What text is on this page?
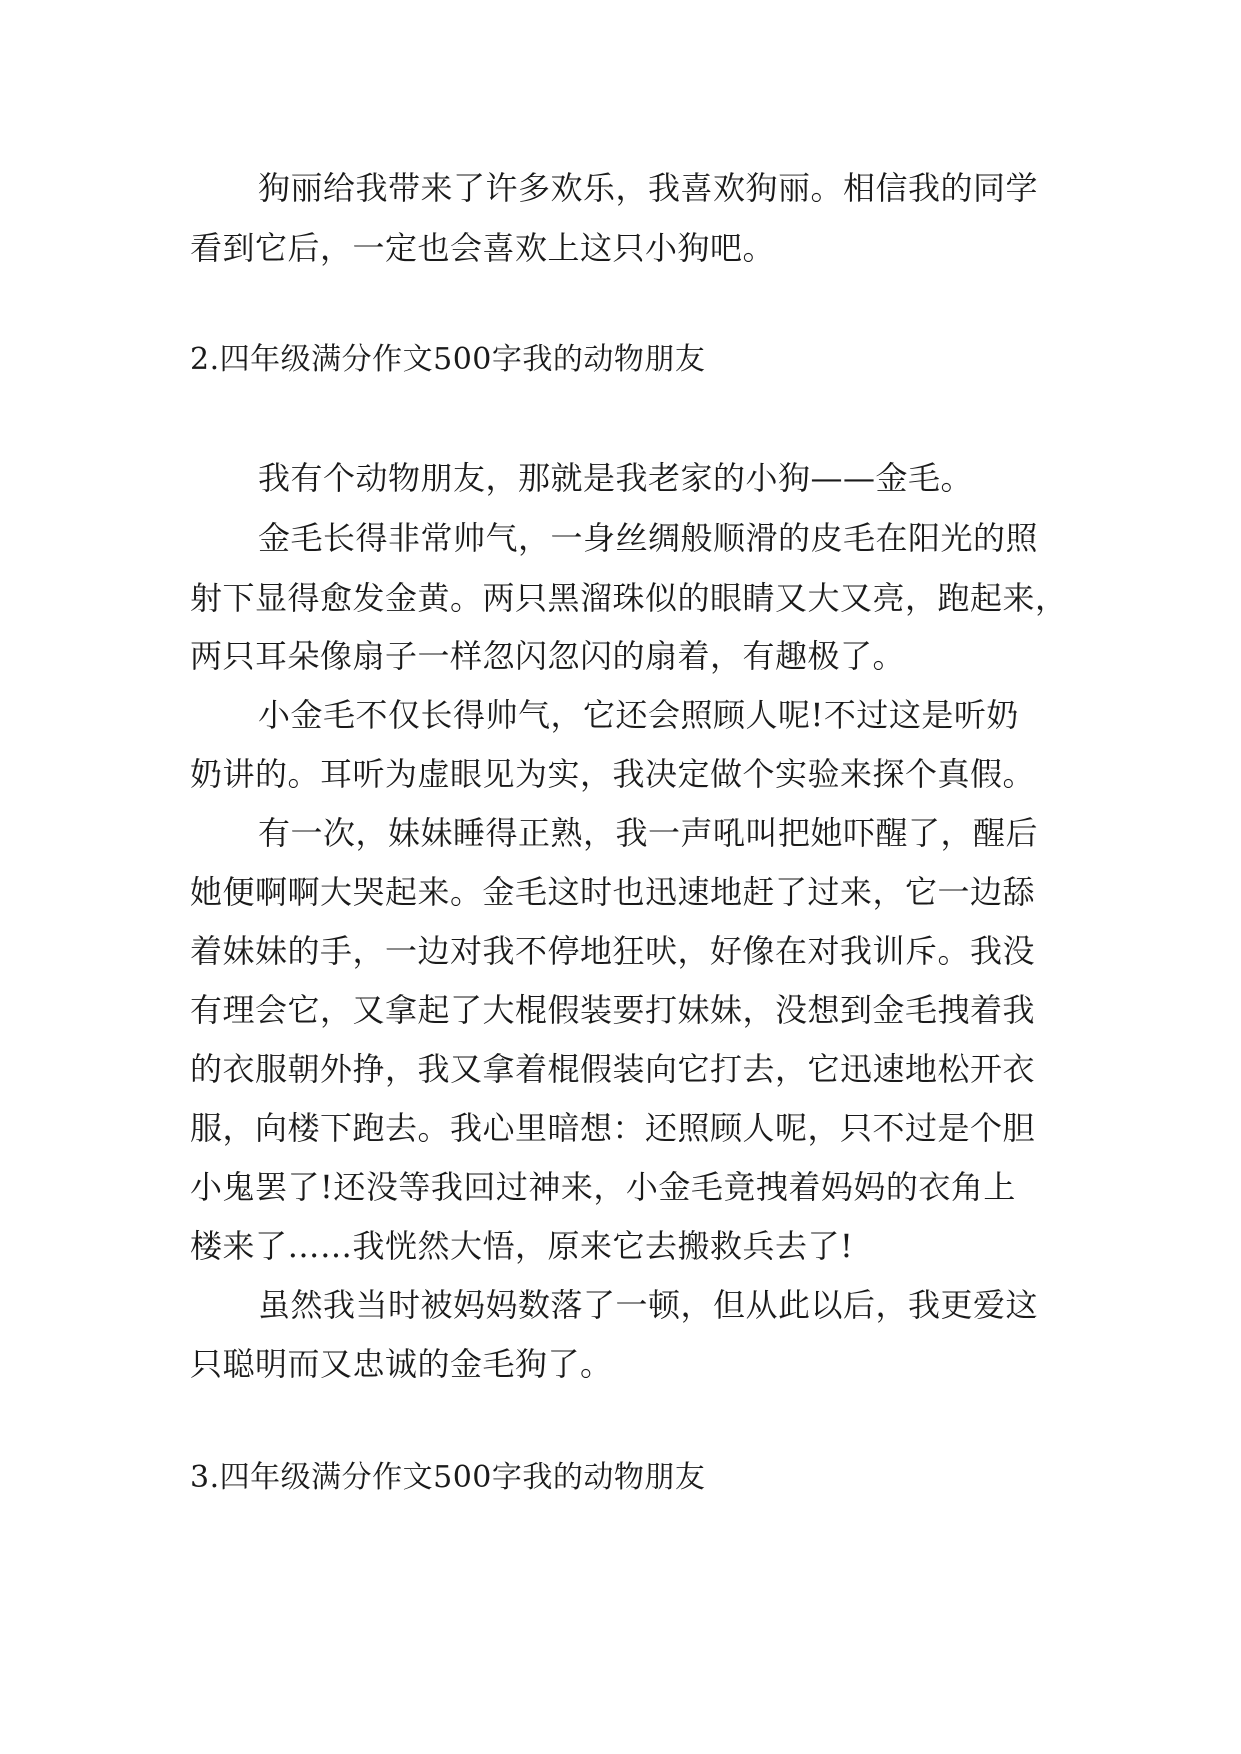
狗丽给我带来了许多欢乐，我喜欢狗丽。相信我的同学
看到它后，一定也会喜欢上这只小狗吧。
2.四年级满分作文500字我的动物朋友
我有个动物朋友，那就是我老家的小狗——金毛。
金毛长得非常帅气，一身丝绸般顺滑的皮毛在阳光的照
射下显得愈发金黄。两只黑溜珠似的眼睛又大又亮，跑起来，
两只耳朵像扇子一样忽闪忽闪的扇着，有趣极了。
小金毛不仅长得帅气，它还会照顾人呢!不过这是听奶
奶讲的。耳听为虚眼见为实，我决定做个实验来探个真假。
有一次，妹妹睡得正熟，我一声吼叫把她吓醒了，醒后
她便啊啊大哭起来。金毛这时也迅速地赶了过来，它一边舔
着妹妹的手，一边对我不停地狂吠，好像在对我训斥。我没
有理会它，又拿起了大棍假装要打妹妹，没想到金毛拽着我
的衣服朝外挣，我又拿着棍假装向它打去，它迅速地松开衣
服，向楼下跑去。我心里暗想：还照顾人呢，只不过是个胆
小鬼罢了!还没等我回过神来，小金毛竟拽着妈妈的衣角上
楼来了……我恍然大悟，原来它去搬救兵去了!
虽然我当时被妈妈数落了一顿，但从此以后，我更爱这
只聪明而又忠诚的金毛狗了。
3.四年级满分作文500字我的动物朋友
